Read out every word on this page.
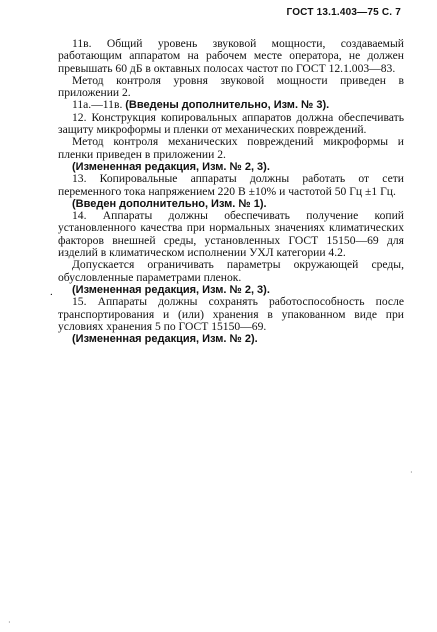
ГОСТ 13.1.403—75 С. 7

11в. Общий уровень звуковой мощности, создаваемый работающим аппаратом на рабочем месте оператора, не должен превышать 60 дБ в октавных полосах частот по ГОСТ 12.1.003—83.

Метод контроля уровня звуковой мощности приведен в приложении 2.

11а.—11в. (Введены дополнительно, Изм. № 3).

12. Конструкция копировальных аппаратов должна обеспечивать защиту микроформы и пленки от механических повреждений.

Метод контроля механических повреждений микроформы и пленки приведен в приложении 2.

(Измененная редакция, Изм. № 2, 3).

13. Копировальные аппараты должны работать от сети переменного тока напряжением 220 В ±10% и частотой 50 Гц ±1 Гц.

(Введен дополнительно, Изм. № 1).

14. Аппараты должны обеспечивать получение копий установленного качества при нормальных значениях климатических факторов внешней среды, установленных ГОСТ 15150—69 для изделий в климатическом исполнении УХЛ категории 4.2.

Допускается ограничивать параметры окружающей среды, обусловленные параметрами пленок.

(Измененная редакция, Изм. № 2, 3).

15. Аппараты должны сохранять работоспособность после транспортирования и (или) хранения в упакованном виде при условиях хранения 5 по ГОСТ 15150—69.

(Измененная редакция, Изм. № 2).

.
·
·
